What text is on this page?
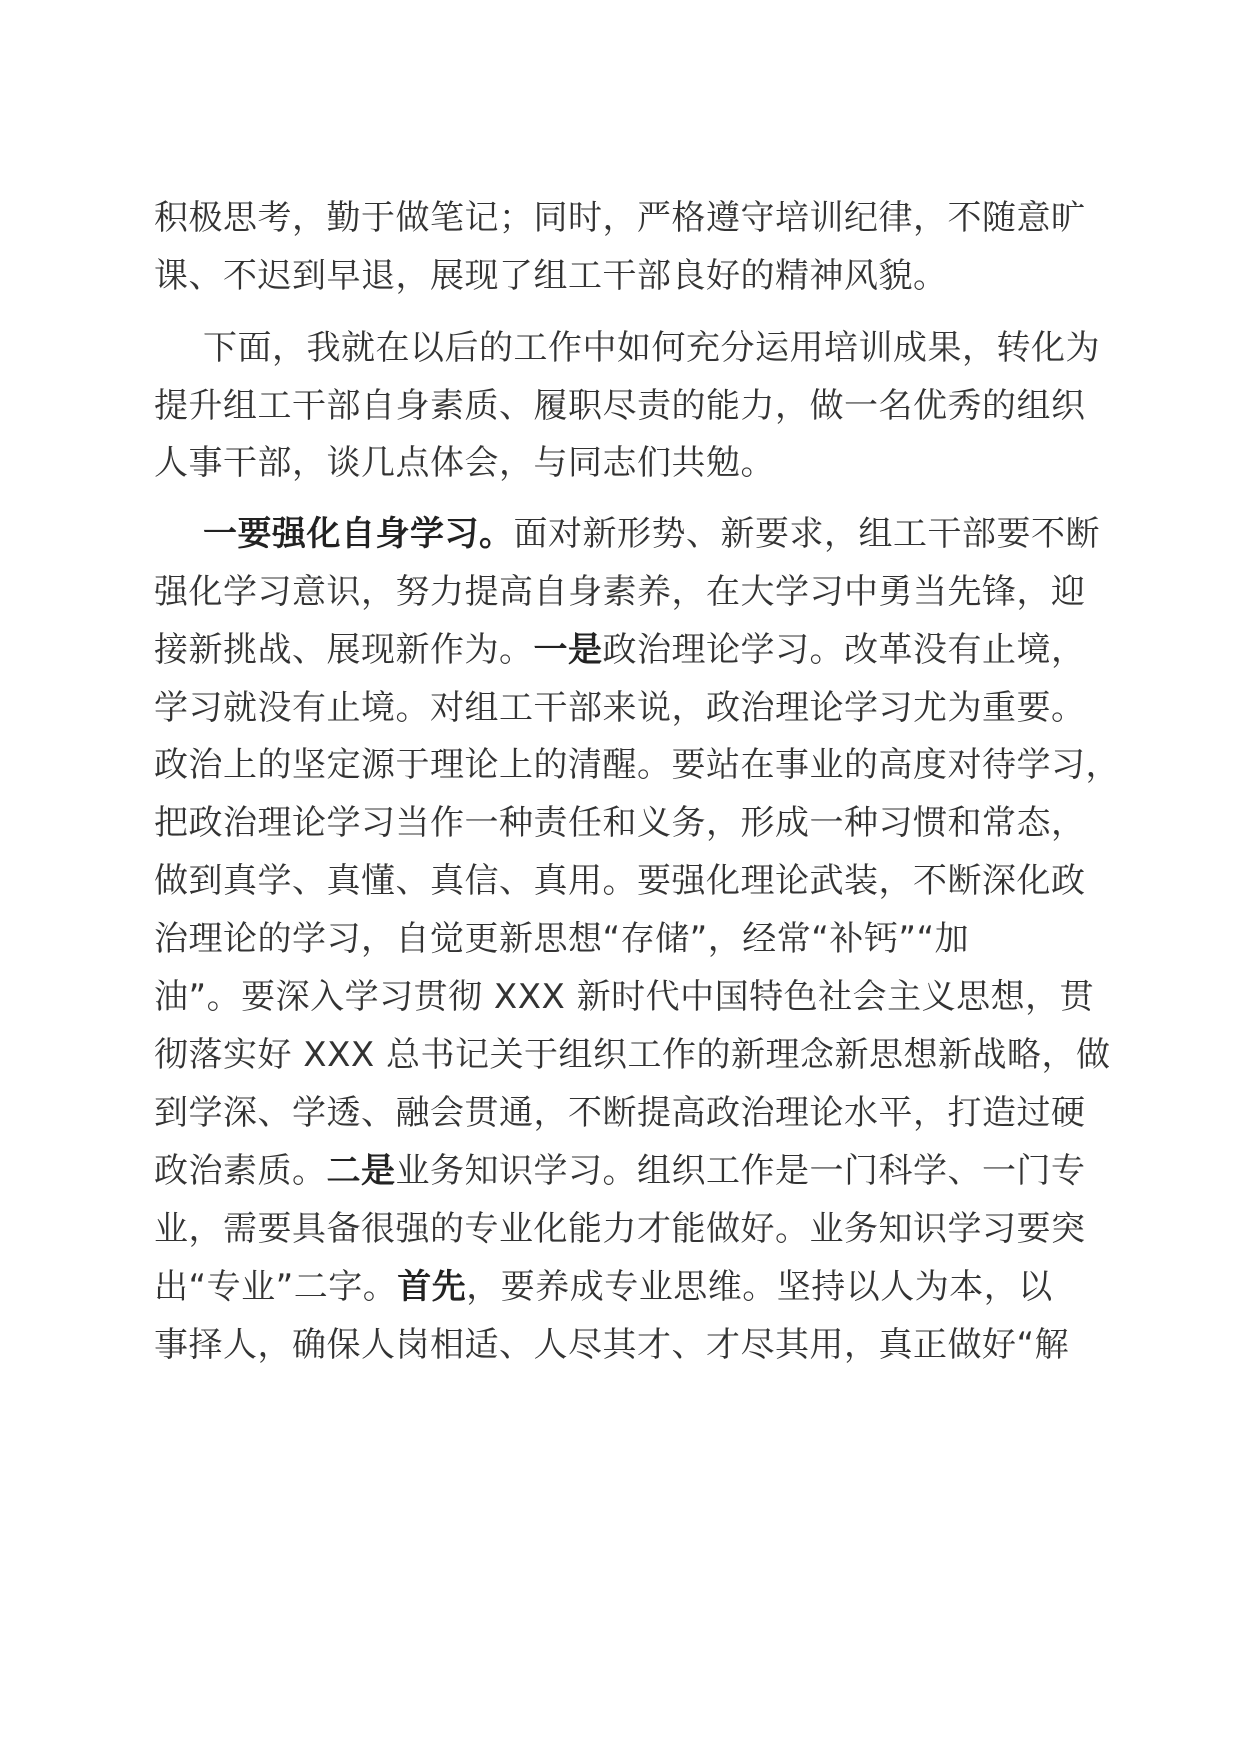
积极思考，勤于做笔记；同时，严格遵守培训纪律，不随意旷
课、不迟到早退，展现了组工干部良好的精神风貌。
下面，我就在以后的工作中如何充分运用培训成果，转化为
提升组工干部自身素质、履职尽责的能力，做一名优秀的组织
人事干部，谈几点体会，与同志们共勉。
一要强化自身学习。面对新形势、新要求，组工干部要不断
强化学习意识，努力提高自身素养，在大学习中勇当先锋，迎
接新挑战、展现新作为。一是政治理论学习。改革没有止境，
学习就没有止境。对组工干部来说，政治理论学习尤为重要。
政治上的坚定源于理论上的清醒。要站在事业的高度对待学习，
把政治理论学习当作一种责任和义务，形成一种习惯和常态，
做到真学、真懂、真信、真用。要强化理论武装，不断深化政
治理论的学习，自觉更新思想“存储”，经常“补钙”“加
油”。要深入学习贯彻 XXX 新时代中国特色社会主义思想，贯
彻落实好 XXX 总书记关于组织工作的新理念新思想新战略，做
到学深、学透、融会贯通，不断提高政治理论水平，打造过硬
政治素质。二是业务知识学习。组织工作是一门科学、一门专
业，需要具备很强的专业化能力才能做好。业务知识学习要突
出“专业”二字。首先，要养成专业思维。坚持以人为本，以
事择人，确保人岗相适、人尽其才、才尽其用，真正做好“解
